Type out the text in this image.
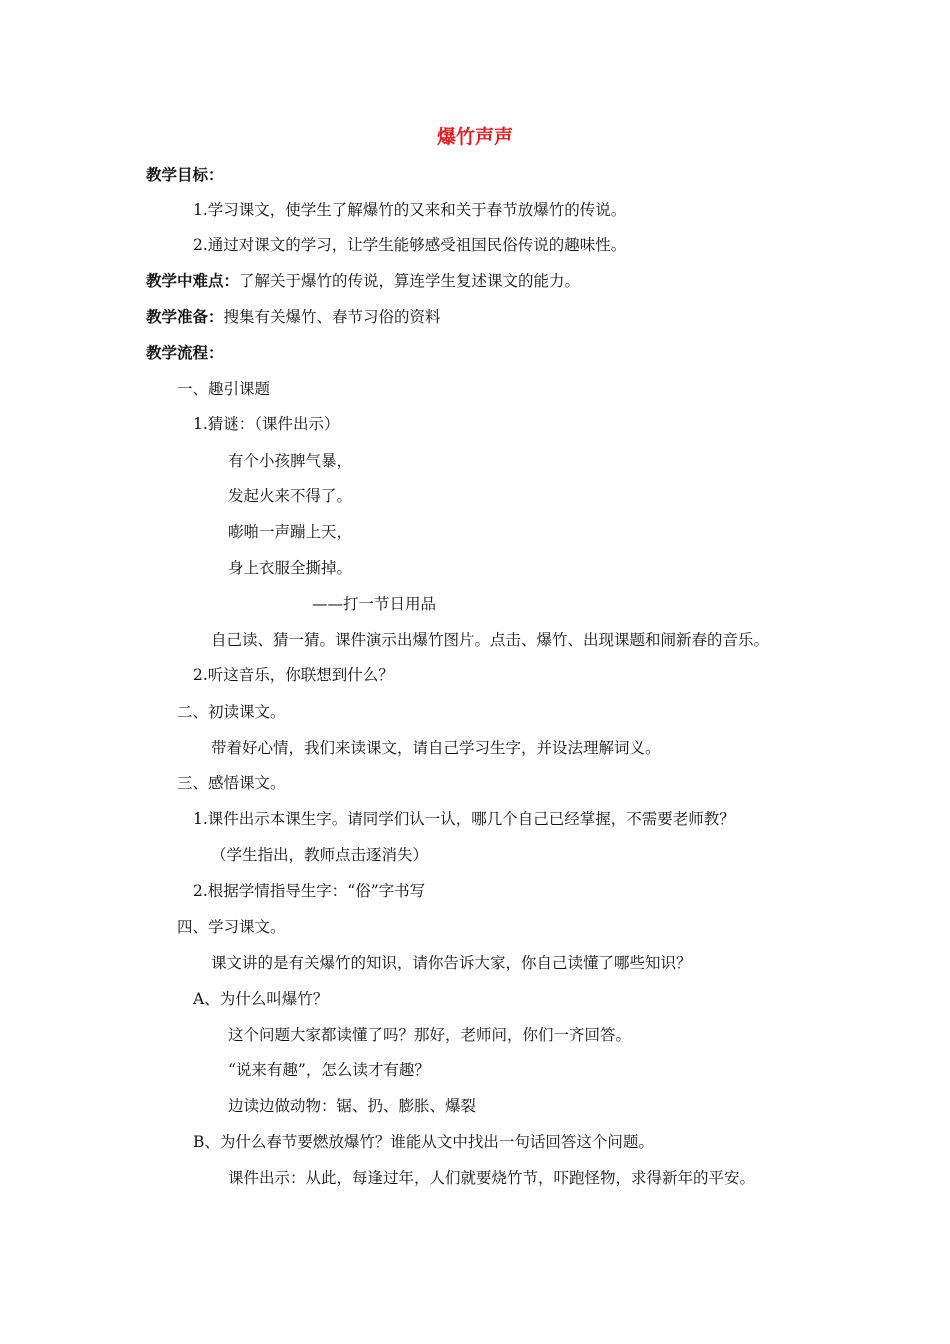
爆竹声声
教学目标：
1.学习课文，使学生了解爆竹的又来和关于春节放爆竹的传说。
2.通过对课文的学习，让学生能够感受祖国民俗传说的趣味性。
教学中难点：了解关于爆竹的传说，算连学生复述课文的能力。
教学准备：搜集有关爆竹、春节习俗的资料
教学流程：
一、趣引课题
1.猜谜：（课件出示）
有个小孩脾气暴，
发起火来不得了。
嘭啪一声蹦上天，
身上衣服全撕掉。
——打一节日用品
自己读、猜一猜。课件演示出爆竹图片。点击、爆竹、出现课题和闹新春的音乐。
2.听这音乐，你联想到什么？
二、初读课文。
带着好心情，我们来读课文，请自己学习生字，并设法理解词义。
三、感悟课文。
1.课件出示本课生字。请同学们认一认，哪几个自己已经掌握，不需要老师教？
（学生指出，教师点击逐消失）
2.根据学情指导生字：“俗”字书写
四、学习课文。
课文讲的是有关爆竹的知识，请你告诉大家，你自己读懂了哪些知识？
A、为什么叫爆竹？
这个问题大家都读懂了吗？那好，老师问，你们一齐回答。
“说来有趣”，怎么读才有趣？
边读边做动物：锯、扔、膨胀、爆裂
B、为什么春节要燃放爆竹？谁能从文中找出一句话回答这个问题。
课件出示：从此，每逢过年，人们就要烧竹节，吓跑怪物，求得新年的平安。
